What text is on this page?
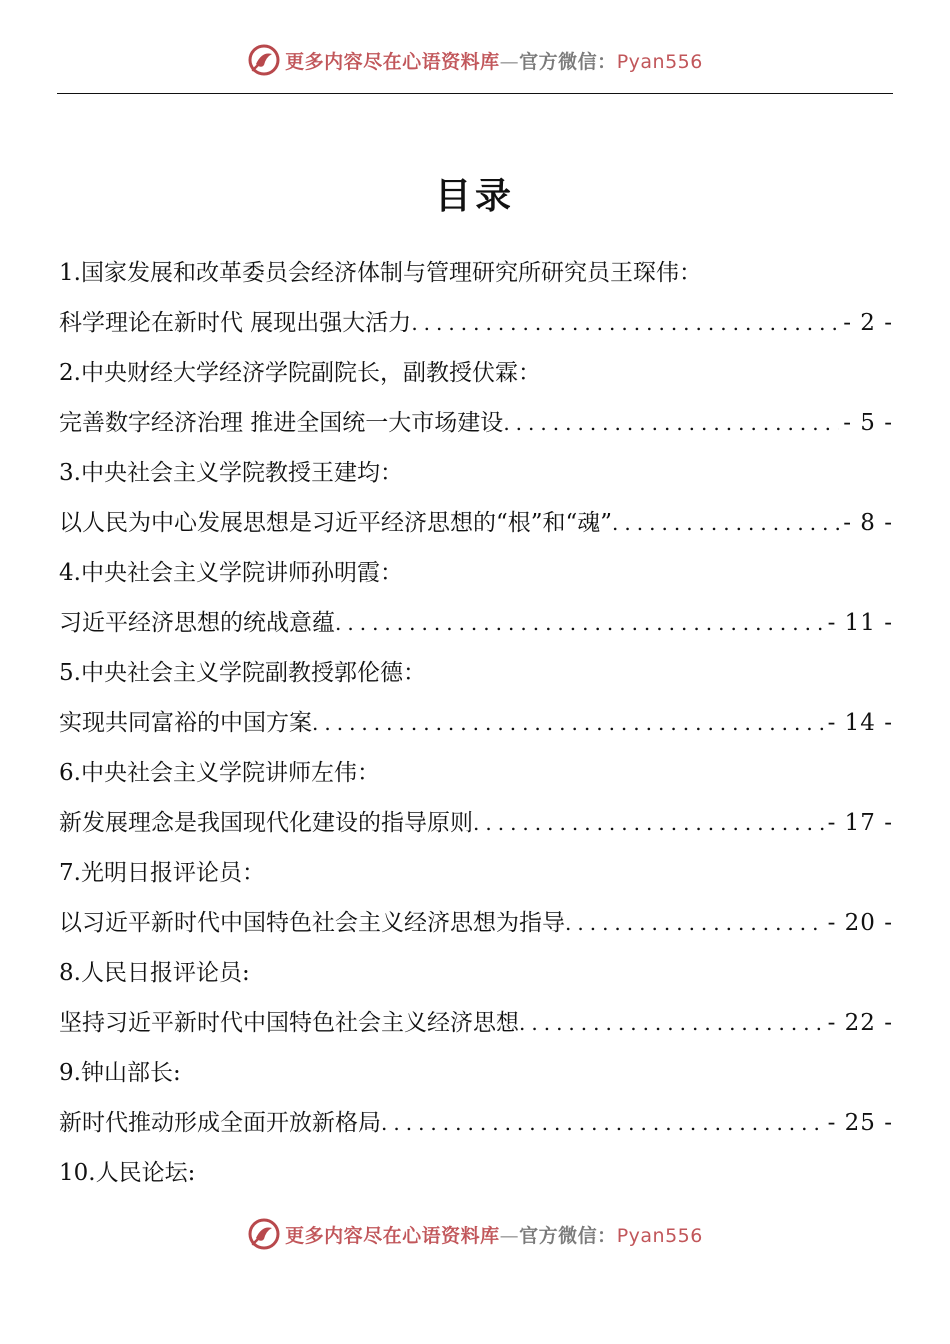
更多内容尽在心语资料库—官方微信：Pyan556
目录
1.国家发展和改革委员会经济体制与管理研究所研究员王琛伟：
科学理论在新时代 展现出强大活力 .....	- 2 -
2.中央财经大学经济学院副院长，副教授伏霖：
完善数字经济治理 推进全国统一大市场建设 .....	- 5 -
3.中央社会主义学院教授王建均：
以人民为中心发展思想是习近平经济思想的“根”和“魂” .....	- 8 -
4.中央社会主义学院讲师孙明霞：
习近平经济思想的统战意蕴 .....	- 11 -
5.中央社会主义学院副教授郭伦德：
实现共同富裕的中国方案 .....	- 14 -
6.中央社会主义学院讲师左伟：
新发展理念是我国现代化建设的指导原则 .....	- 17 -
7.光明日报评论员：
以习近平新时代中国特色社会主义经济思想为指导 .....	- 20 -
8.人民日报评论员:
坚持习近平新时代中国特色社会主义经济思想 .....	- 22 -
9.钟山部长:
新时代推动形成全面开放新格局 .....	- 25 -
10.人民论坛:
更多内容尽在心语资料库—官方微信：Pyan556
